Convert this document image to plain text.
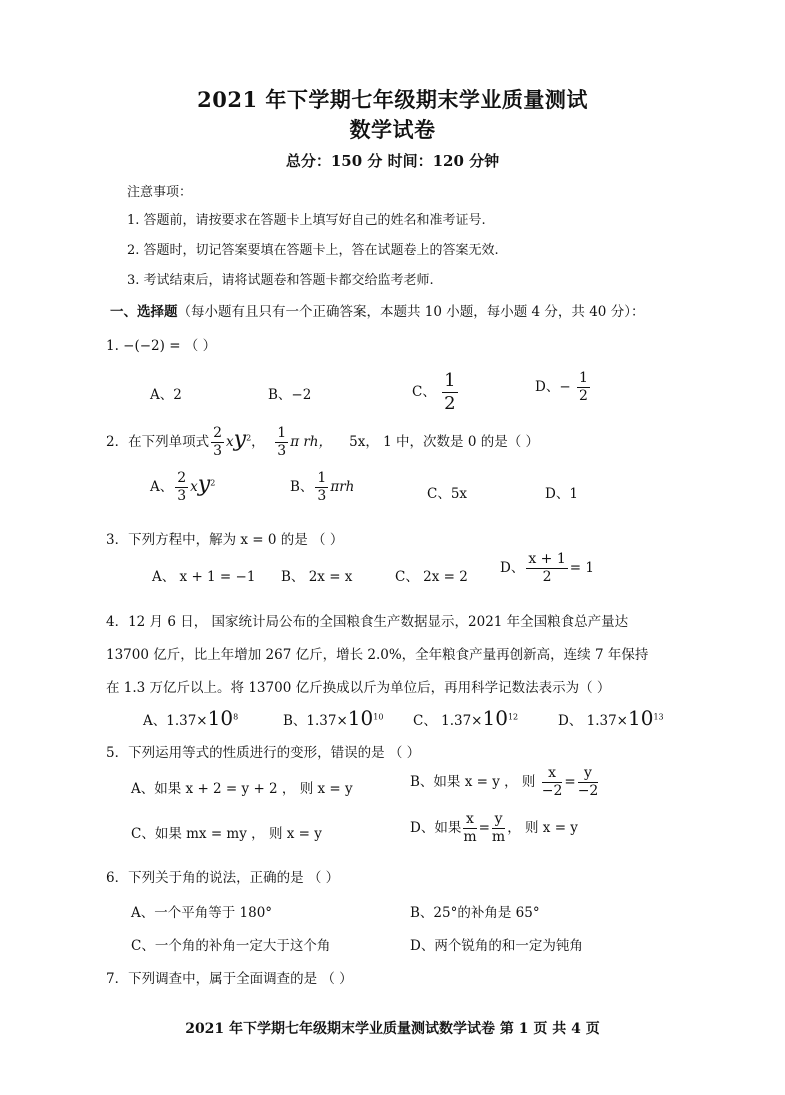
2021 年下学期七年级期末学业质量测试
数学试卷
总分：150 分 时间：120 分钟
注意事项：
1. 答题前，请按要求在答题卡上填写好自己的姓名和准考证号.
2. 答题时，切记答案要填在答题卡上，答在试题卷上的答案无效.
3. 考试结束后，请将试题卷和答题卡都交给监考老师.
一、选择题（每小题有且只有一个正确答案，本题共 10 小题，每小题 4 分，共 40 分）：
1. −(−2) = （ ）
A、2	B、−2	C、 $\frac{1}{2}$	D、− $\frac{1}{2}$
2．在下列单项式 $\frac{2}{3} xy^2$， $\frac{1}{3}$ π rh， 5x， 1 中，次数是 0 的是（ ）
A、 $\frac{2}{3} xy^2$	B、 $\frac{1}{3}$ πrh	C、5x	D、1
3．下列方程中，解为 x = 0 的是 （ ）
A、 x + 1 = −1 B、 2x = x	C、 2x = 2
D、 $\frac{x + 1}{2} = 1$
4．12 月 6 日， 国家统计局公布的全国粮食生产数据显示，2021 年全国粮食总产量达
13700 亿斤，比上年增加 267 亿斤，增长 2.0%，全年粮食产量再创新高，连续 7 年保持
在 1.3 万亿斤以上。将 13700 亿斤换成以斤为单位后，再用科学记数法表示为（ ）
A、$1.37\times 10^8$	B、$1.37\times 10^{10}$ C、 $1.37\times 10^{12}$	D、 $1.37\times 10^{13}$
5．下列运用等式的性质进行的变形，错误的是 （ ）
A、如果 x + 2 = y + 2 ， 则 x = y	B、如果 x = y ， 则 $\frac{x}{-2} = \frac{y}{-2}$
C、如果 mx = my ， 则 x = y	D、如果 $\frac{x}{m} = \frac{y}{m}$ ， 则 x = y
6．下列关于角的说法，正确的是 （ ）
A、一个平角等于 180°	B、25°的补角是 65°
C、一个角的补角一定大于这个角	D、两个锐角的和一定为钝角
7．下列调查中，属于全面调查的是 （ ）
2021 年下学期七年级期末学业质量测试数学试卷 第 1 页 共 4 页
